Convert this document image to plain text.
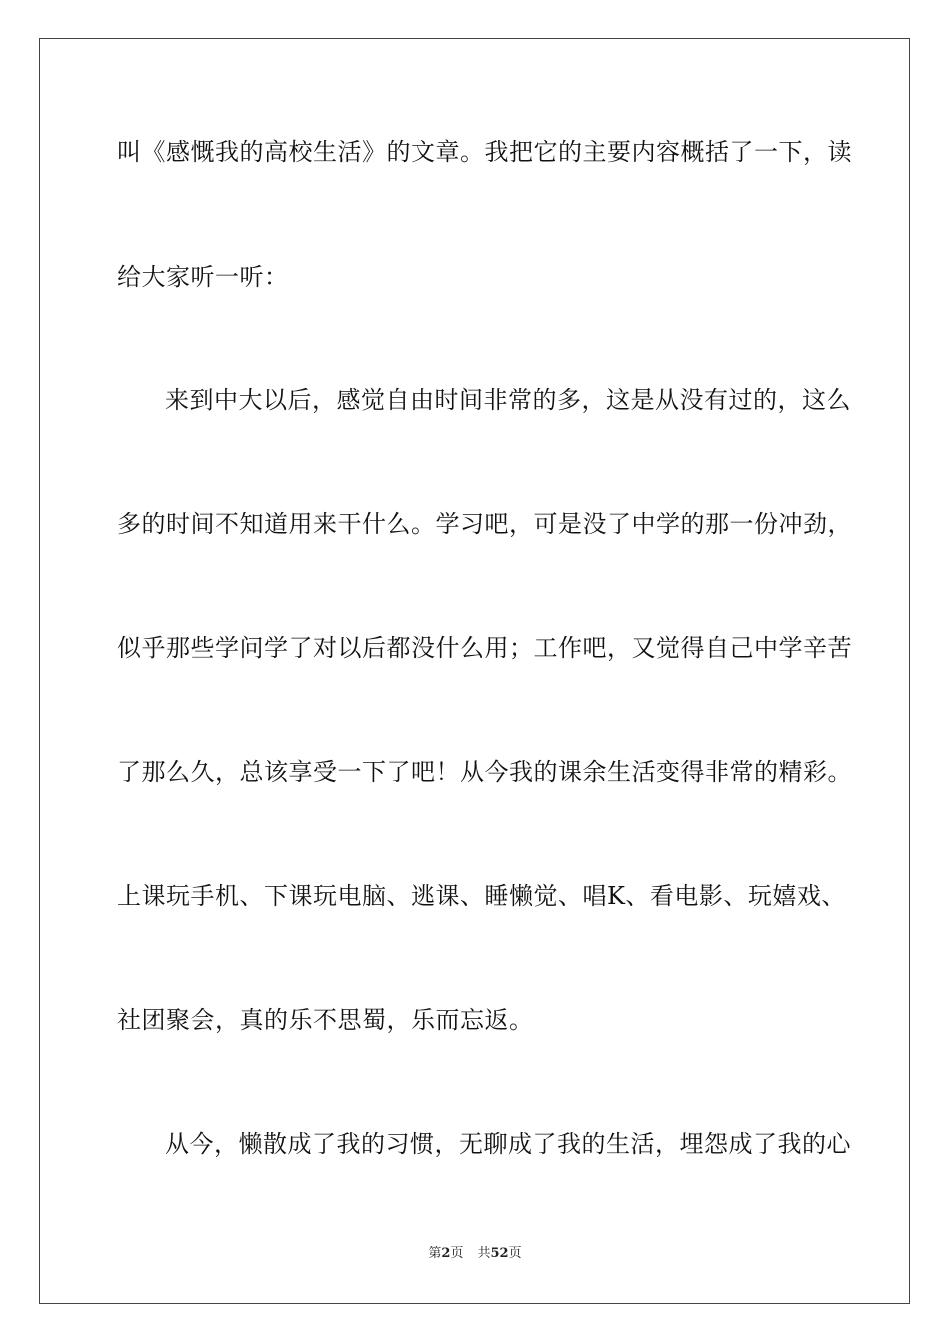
叫《感慨我的高校生活》的文章。我把它的主要内容概括了一下，读
给大家听一听：
来到中大以后，感觉自由时间非常的多，这是从没有过的，这么
多的时间不知道用来干什么。学习吧，可是没了中学的那一份冲劲，
似乎那些学问学了对以后都没什么用；工作吧，又觉得自己中学辛苦
了那么久，总该享受一下了吧！从今我的课余生活变得非常的精彩。
上课玩手机、下课玩电脑、逃课、睡懒觉、唱K、看电影、玩嬉戏、
社团聚会，真的乐不思蜀，乐而忘返。
从今，懒散成了我的习惯，无聊成了我的生活，埋怨成了我的心
第2页 共52页
